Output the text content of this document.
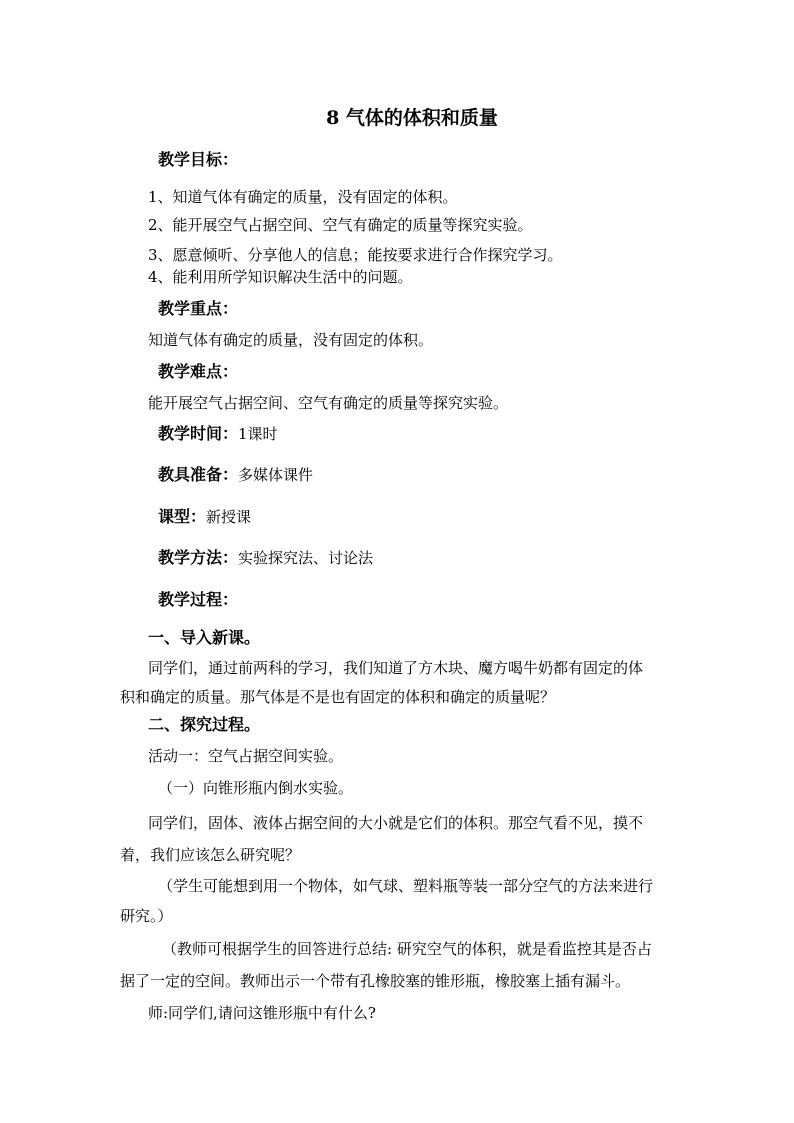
8 气体的体积和质量
教学目标：
1、知道气体有确定的质量，没有固定的体积。
2、能开展空气占据空间、空气有确定的质量等探究实验。
3、愿意倾听、分享他人的信息；能按要求进行合作探究学习。
4、能利用所学知识解决生活中的问题。
教学重点：
知道气体有确定的质量，没有固定的体积。
教学难点：
能开展空气占据空间、空气有确定的质量等探究实验。
教学时间：1课时
教具准备：多媒体课件
课型：新授课
教学方法：实验探究法、讨论法
教学过程：
一、导入新课。
同学们，通过前两科的学习，我们知道了方木块、魔方喝牛奶都有固定的体
积和确定的质量。那气体是不是也有固定的体积和确定的质量呢？
二、探究过程。
活动一：空气占据空间实验。
（一）向锥形瓶内倒水实验。
同学们，固体、液体占据空间的大小就是它们的体积。那空气看不见，摸不
着，我们应该怎么研究呢？
（学生可能想到用一个物体，如气球、塑料瓶等装一部分空气的方法来进行
研究。）
（教师可根据学生的回答进行总结: 研究空气的体积，就是看监控其是否占
据了一定的空间。教师出示一个带有孔橡胶塞的锥形瓶，橡胶塞上插有漏斗。
师:同学们,请问这锥形瓶中有什么?
